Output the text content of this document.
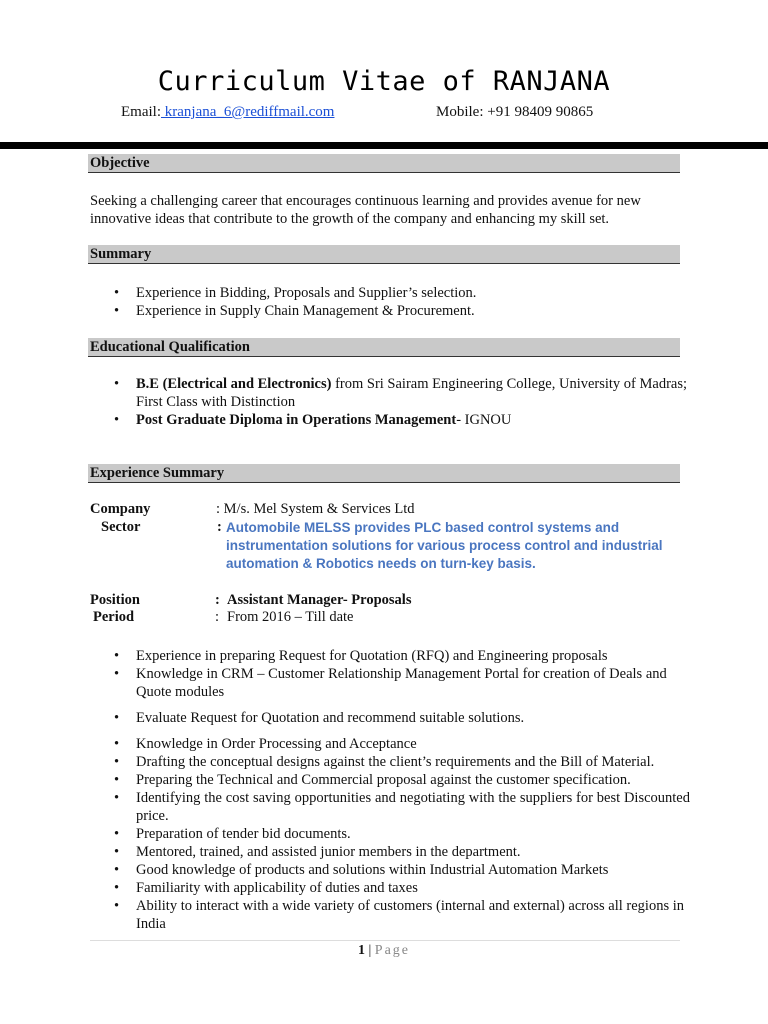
Curriculum Vitae of RANJANA
Email: kranjana_6@rediffmail.com	Mobile: +91 98409 90865
Objective
Seeking a challenging career that encourages continuous learning and provides avenue for new innovative ideas that contribute to the growth of the company and enhancing my skill set.
Summary
• Experience in Bidding, Proposals and Supplier’s selection.
• Experience in Supply Chain Management & Procurement.
Educational Qualification
• B.E (Electrical and Electronics) from Sri Sairam Engineering College, University of Madras; First Class with Distinction
• Post Graduate Diploma in Operations Management- IGNOU
Experience Summary
Company	: M/s. Mel System & Services Ltd
Sector	: Automobile MELSS provides PLC based control systems and
instrumentation solutions for various process control and industrial
automation & Robotics needs on turn-key basis.
Position	: Assistant Manager- Proposals
Period	: From 2016 – Till date
• Experience in preparing Request for Quotation (RFQ) and Engineering proposals
• Knowledge in CRM – Customer Relationship Management Portal for creation of Deals and Quote modules
• Evaluate Request for Quotation and recommend suitable solutions.
• Knowledge in Order Processing and Acceptance
• Drafting the conceptual designs against the client’s requirements and the Bill of Material.
• Preparing the Technical and Commercial proposal against the customer specification.
• Identifying the cost saving opportunities and negotiating with the suppliers for best Discounted price.
• Preparation of tender bid documents.
• Mentored, trained, and assisted junior members in the department.
• Good knowledge of products and solutions within Industrial Automation Markets
• Familiarity with applicability of duties and taxes
• Ability to interact with a wide variety of customers (internal and external) across all regions in India
1 | Page
